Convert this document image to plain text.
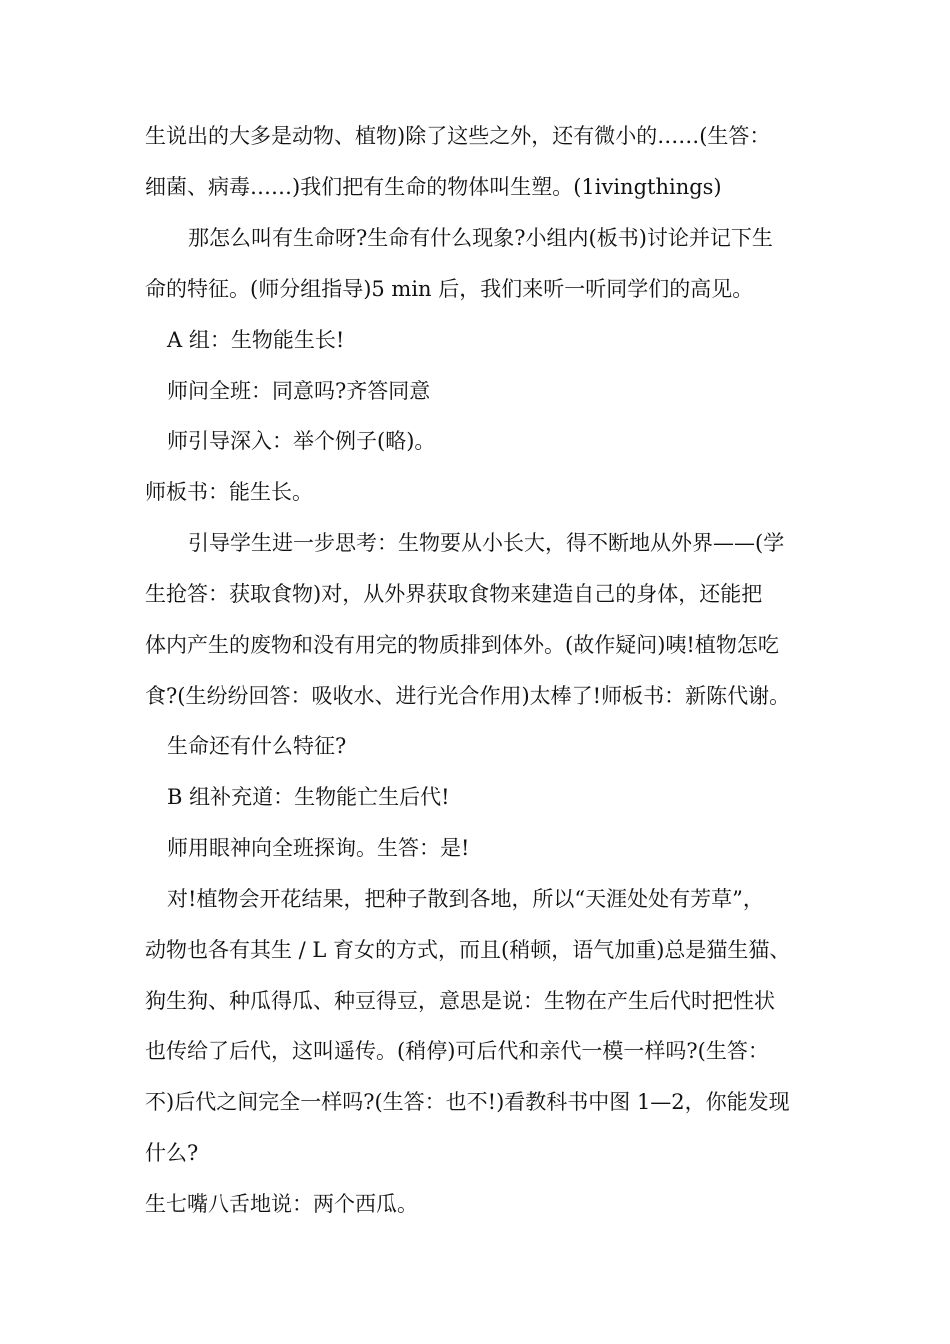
生说出的大多是动物、植物)除了这些之外，还有微小的……(生答：
细菌、病毒……)我们把有生命的物体叫生塑。(1ivingthings)
那怎么叫有生命呀?生命有什么现象?小组内(板书)讨论并记下生
命的特征。(师分组指导)5 min 后，我们来听一听同学们的高见。
A 组：生物能生长!
师问全班：同意吗?齐答同意
师引导深入：举个例子(略)。
师板书：能生长。
引导学生进一步思考：生物要从小长大，得不断地从外界——(学
生抢答：获取食物)对，从外界获取食物来建造自己的身体，还能把
体内产生的废物和没有用完的物质排到体外。(故作疑问)咦!植物怎吃
食?(生纷纷回答：吸收水、进行光合作用)太棒了!师板书：新陈代谢。
生命还有什么特征?
B 组补充道：生物能亡生后代!
师用眼神向全班探询。生答：是!
对!植物会开花结果，把种子散到各地，所以“天涯处处有芳草”，
动物也各有其生 / L 育女的方式，而且(稍顿，语气加重)总是猫生猫、
狗生狗、种瓜得瓜、种豆得豆，意思是说：生物在产生后代时把性状
也传给了后代，这叫遥传。(稍停)可后代和亲代一模一样吗?(生答：
不)后代之间完全一样吗?(生答：也不!)看教科书中图 1—2，你能发现
什么?
生七嘴八舌地说：两个西瓜。
